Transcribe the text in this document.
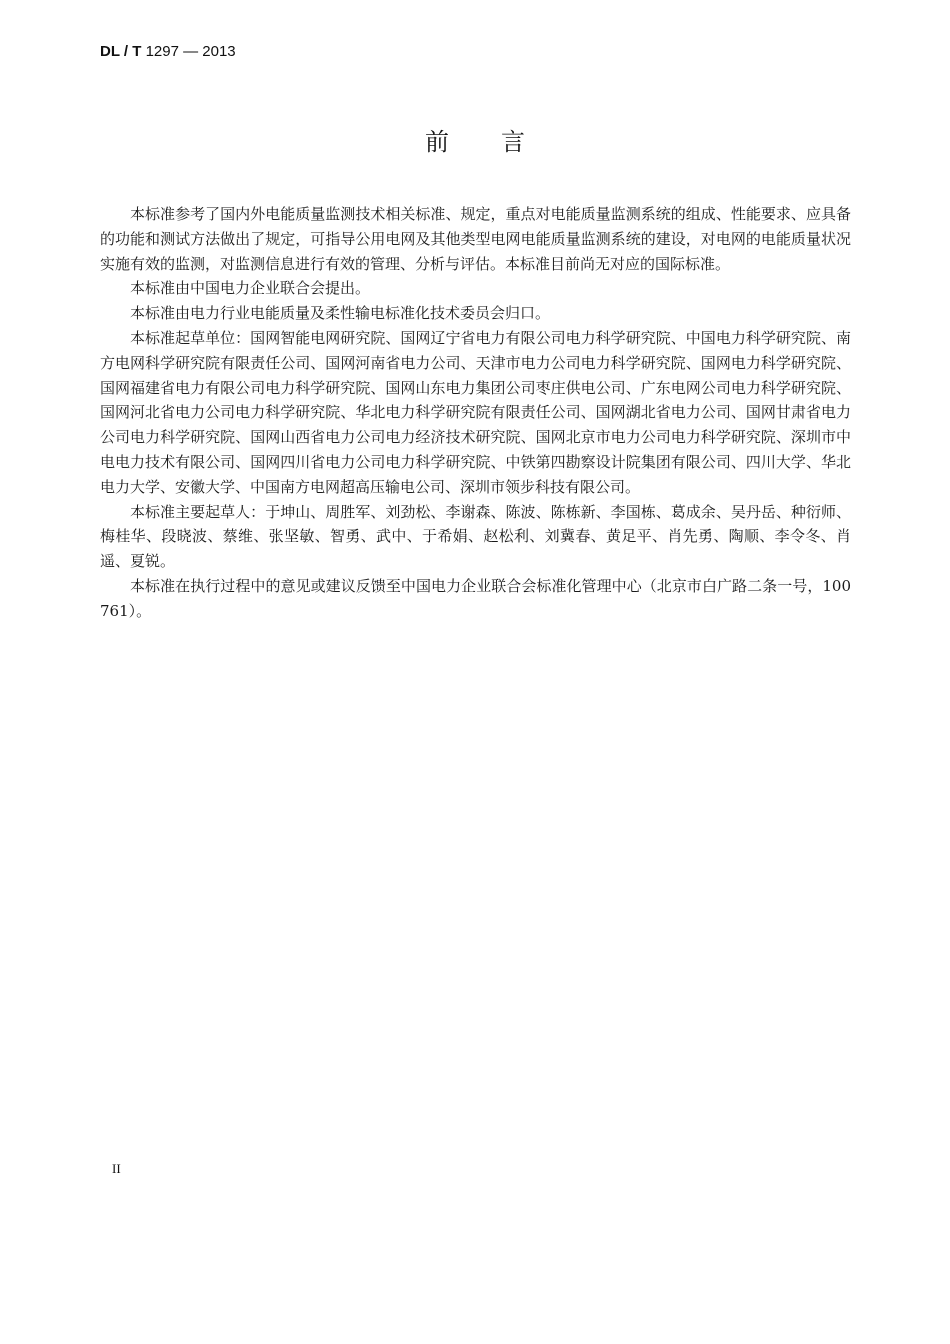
DL / T 1297 — 2013
前言

本标准参考了国内外电能质量监测技术相关标准、规定，重点对电能质量监测系统的组成、性能要求、应具备的功能和测试方法做出了规定，可指导公用电网及其他类型电网电能质量监测系统的建设，对电网的电能质量状况实施有效的监测，对监测信息进行有效的管理、分析与评估。本标准目前尚无对应的国际标准。

本标准由中国电力企业联合会提出。

本标准由电力行业电能质量及柔性输电标准化技术委员会归口。

本标准起草单位：国网智能电网研究院、国网辽宁省电力有限公司电力科学研究院、中国电力科学研究院、南方电网科学研究院有限责任公司、国网河南省电力公司、天津市电力公司电力科学研究院、国网电力科学研究院、国网福建省电力有限公司电力科学研究院、国网山东电力集团公司枣庄供电公司、广东电网公司电力科学研究院、国网河北省电力公司电力科学研究院、华北电力科学研究院有限责任公司、国网湖北省电力公司、国网甘肃省电力公司电力科学研究院、国网山西省电力公司电力经济技术研究院、国网北京市电力公司电力科学研究院、深圳市中电电力技术有限公司、国网四川省电力公司电力科学研究院、中铁第四勘察设计院集团有限公司、四川大学、华北电力大学、安徽大学、中国南方电网超高压输电公司、深圳市领步科技有限公司。

本标准主要起草人：于坤山、周胜军、刘劲松、李谢森、陈波、陈栋新、李国栋、葛成余、吴丹岳、种衍师、梅桂华、段晓波、蔡维、张坚敏、智勇、武中、于希娟、赵松利、刘冀春、黄足平、肖先勇、陶顺、李令冬、肖遥、夏锐。

本标准在执行过程中的意见或建议反馈至中国电力企业联合会标准化管理中心（北京市白广路二条一号，100761）。

II
